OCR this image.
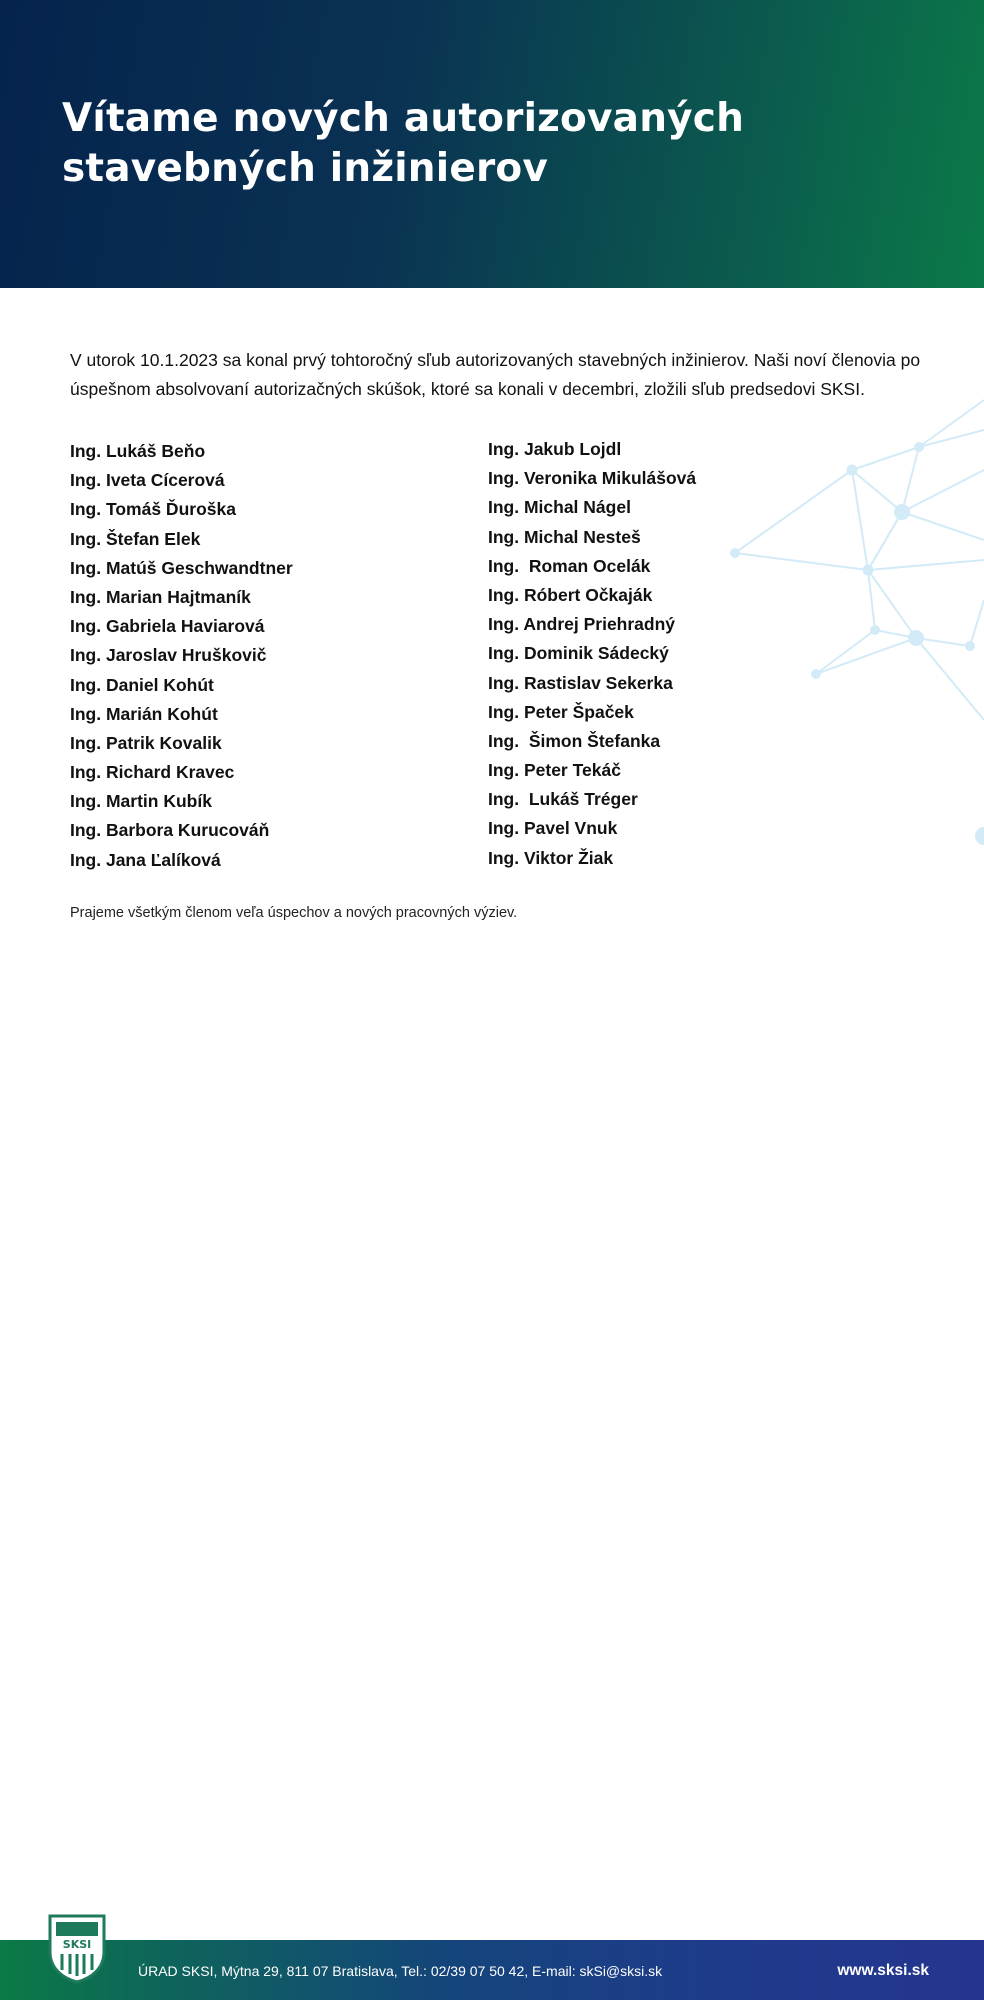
Vítame nových autorizovaných
stavebných inžinierov

V utorok 10.1.2023 sa konal prvý tohtoročný sľub autorizovaných stavebných inžinierov. Naši noví členovia po úspešnom absolvovaní autorizačných skúšok, ktoré sa konali v decembri, zložili sľub predsedovi SKSI.

Ing. Lukáš Beňo
Ing. Iveta Cícerová
Ing. Tomáš Ďuroška
Ing. Štefan Elek
Ing. Matúš Geschwandtner
Ing. Marian Hajtmaník
Ing. Gabriela Haviarová
Ing. Jaroslav Hruškovič
Ing. Daniel Kohút
Ing. Marián Kohút
Ing. Patrik Kovalik
Ing. Richard Kravec
Ing. Martin Kubík
Ing. Barbora Kurucováň
Ing. Jana Ľalíková
Ing. Jakub Lojdl
Ing. Veronika Mikulášová
Ing. Michal Nágel
Ing. Michal Nesteš
Ing.  Roman Ocelák
Ing. Róbert Očkaják
Ing. Andrej Priehradný
Ing. Dominik Sádecký
Ing. Rastislav Sekerka
Ing. Peter Špaček
Ing.  Šimon Štefanka
Ing. Peter Tekáč
Ing.  Lukáš Tréger
Ing. Pavel Vnuk
Ing. Viktor Žiak

Prajeme všetkým členom veľa úspechov a nových pracovných výziev.

ÚRAD SKSI, Mýtna 29, 811 07 Bratislava, Tel.: 02/39 07 50 42, E-mail: skSi@sksi.sk	www.sksi.sk
SKSI
